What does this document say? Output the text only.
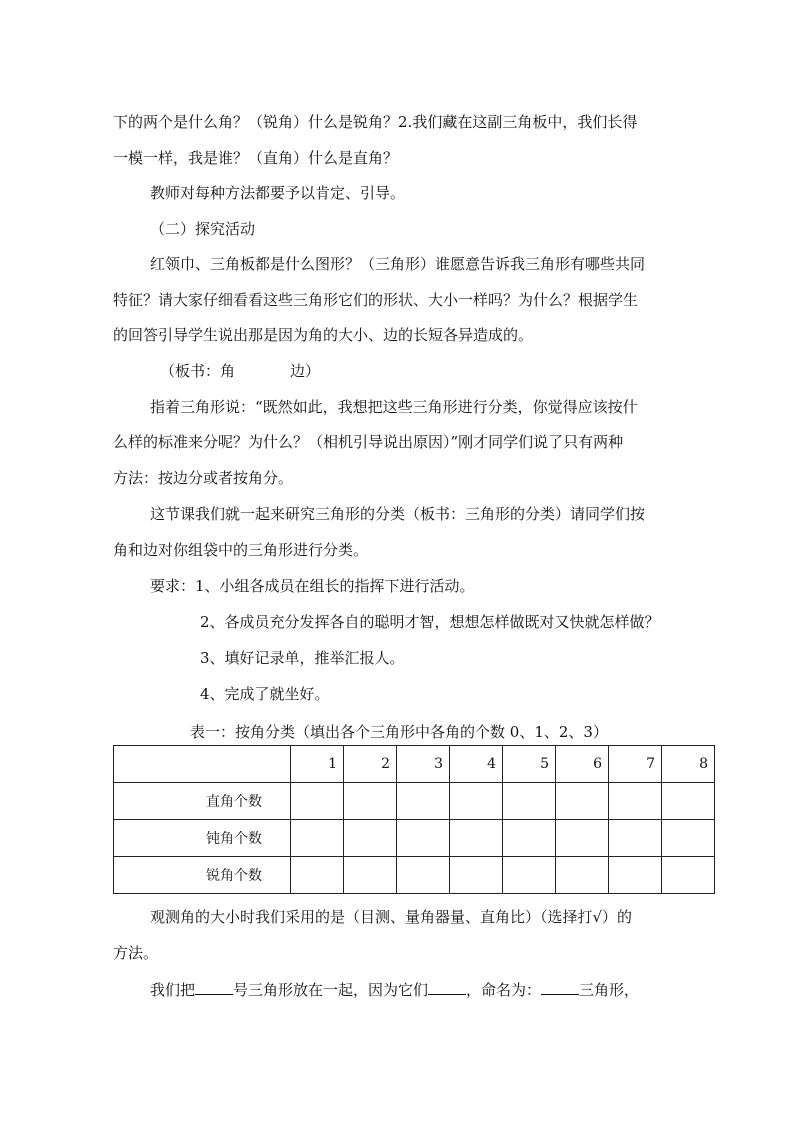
下的两个是什么角？（锐角）什么是锐角？2.我们藏在这副三角板中，我们长得
一模一样，我是谁？（直角）什么是直角？
教师对每种方法都要予以肯定、引导。
（二）探究活动
红领巾、三角板都是什么图形？（三角形）谁愿意告诉我三角形有哪些共同
特征？请大家仔细看看这些三角形它们的形状、大小一样吗？为什么？根据学生
的回答引导学生说出那是因为角的大小、边的长短各异造成的。
（板书：角	边）
指着三角形说：“既然如此，我想把这些三角形进行分类，你觉得应该按什
么样的标准来分呢？为什么？（相机引导说出原因）”刚才同学们说了只有两种
方法：按边分或者按角分。
这节课我们就一起来研究三角形的分类（板书：三角形的分类）请同学们按
角和边对你组袋中的三角形进行分类。
要求：1、小组各成员在组长的指挥下进行活动。
2、各成员充分发挥各自的聪明才智，想想怎样做既对又快就怎样做？
3、填好记录单，推举汇报人。
4、完成了就坐好。
表一：按角分类（填出各个三角形中各角的个数 0、1、2、3）
	1	2	3	4	5	6	7	8
直角个数								
钝角个数								
锐角个数								
观测角的大小时我们采用的是（目测、量角器量、直角比）（选择打√）的
方法。
我们把	号三角形放在一起，因为它们	，命名为：	三角形，
